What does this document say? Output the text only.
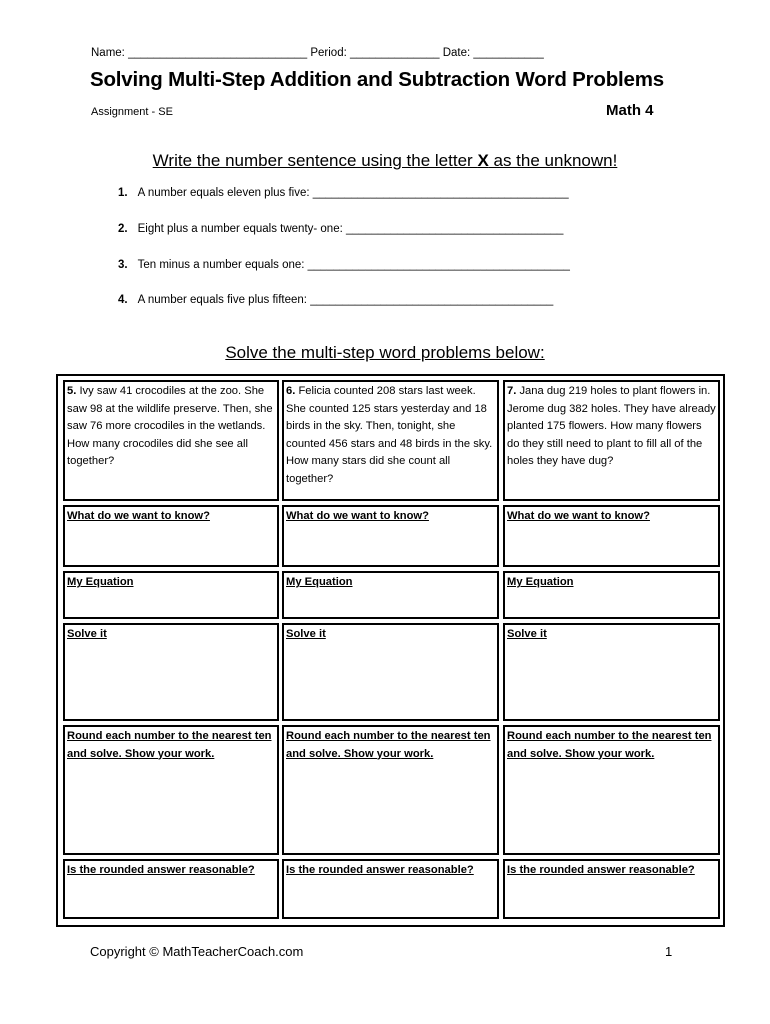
Name: ____________________________ Period: ______________ Date: ___________
Solving Multi-Step Addition and Subtraction Word Problems
Assignment - SE	Math 4
Write the number sentence using the letter X as the unknown!
1. A number equals eleven plus five: ________________________________________
2. Eight plus a number equals twenty- one: __________________________________
3. Ten minus a number equals one: _________________________________________
4. A number equals five plus fifteen: ______________________________________
Solve the multi-step word problems below:
5. Ivy saw 41 crocodiles at the zoo. She saw 98 at the wildlife preserve. Then, she saw 76 more crocodiles in the wetlands. How many crocodiles did she see all together?
What do we want to know?
My Equation
Solve it
Round each number to the nearest ten and solve. Show your work.
Is the rounded answer reasonable?
6. Felicia counted 208 stars last week. She counted 125 stars yesterday and 18 birds in the sky. Then, tonight, she counted 456 stars and 48 birds in the sky. How many stars did she count all together?
What do we want to know?
My Equation
Solve it
Round each number to the nearest ten and solve. Show your work.
Is the rounded answer reasonable?
7. Jana dug 219 holes to plant flowers in. Jerome dug 382 holes. They have already planted 175 flowers. How many flowers do they still need to plant to fill all of the holes they have dug?
What do we want to know?
My Equation
Solve it
Round each number to the nearest ten and solve. Show your work.
Is the rounded answer reasonable?
Copyright © MathTeacherCoach.com	1
